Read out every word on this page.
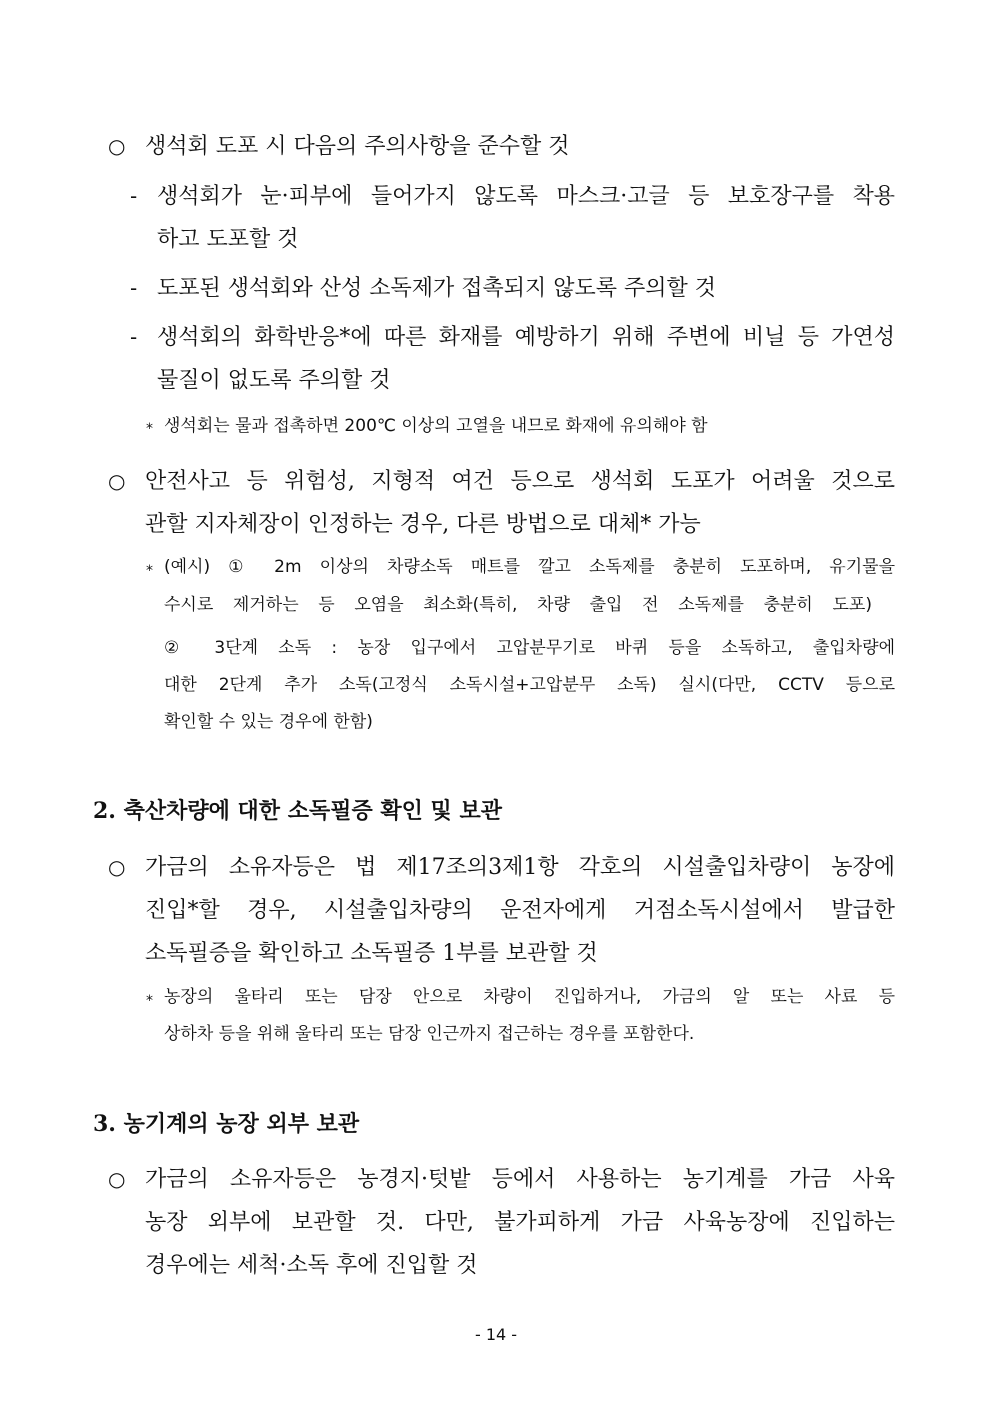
○ 생석회 도포 시 다음의 주의사항을 준수할 것
- 생석회가 눈·피부에 들어가지 않도록 마스크·고글 등 보호장구를 착용
하고 도포할 것
- 도포된 생석회와 산성 소독제가 접촉되지 않도록 주의할 것
- 생석회의 화학반응*에 따른 화재를 예방하기 위해 주변에 비닐 등 가연성
물질이 없도록 주의할 것
* 생석회는 물과 접촉하면 200℃ 이상의 고열을 내므로 화재에 유의해야 함
○ 안전사고 등 위험성, 지형적 여건 등으로 생석회 도포가 어려울 것으로
관할 지자체장이 인정하는 경우, 다른 방법으로 대체* 가능
* (예시) ① 2m 이상의 차량소독 매트를 깔고 소독제를 충분히 도포하며, 유기물을
수시로 제거하는 등 오염을 최소화(특히, 차량 출입 전 소독제를 충분히 도포)
② 3단계 소독 : 농장 입구에서 고압분무기로 바퀴 등을 소독하고, 출입차량에
대한 2단계 추가 소독(고정식 소독시설+고압분무 소독) 실시(다만, CCTV 등으로
확인할 수 있는 경우에 한함)
2. 축산차량에 대한 소독필증 확인 및 보관
○ 가금의 소유자등은 법 제17조의3제1항 각호의 시설출입차량이 농장에
진입*할 경우, 시설출입차량의 운전자에게 거점소독시설에서 발급한
소독필증을 확인하고 소독필증 1부를 보관할 것
* 농장의 울타리 또는 담장 안으로 차량이 진입하거나, 가금의 알 또는 사료 등
상하차 등을 위해 울타리 또는 담장 인근까지 접근하는 경우를 포함한다.
3. 농기계의 농장 외부 보관
○ 가금의 소유자등은 농경지·텃밭 등에서 사용하는 농기계를 가금 사육
농장 외부에 보관할 것. 다만, 불가피하게 가금 사육농장에 진입하는
경우에는 세척·소독 후에 진입할 것
- 14 -
